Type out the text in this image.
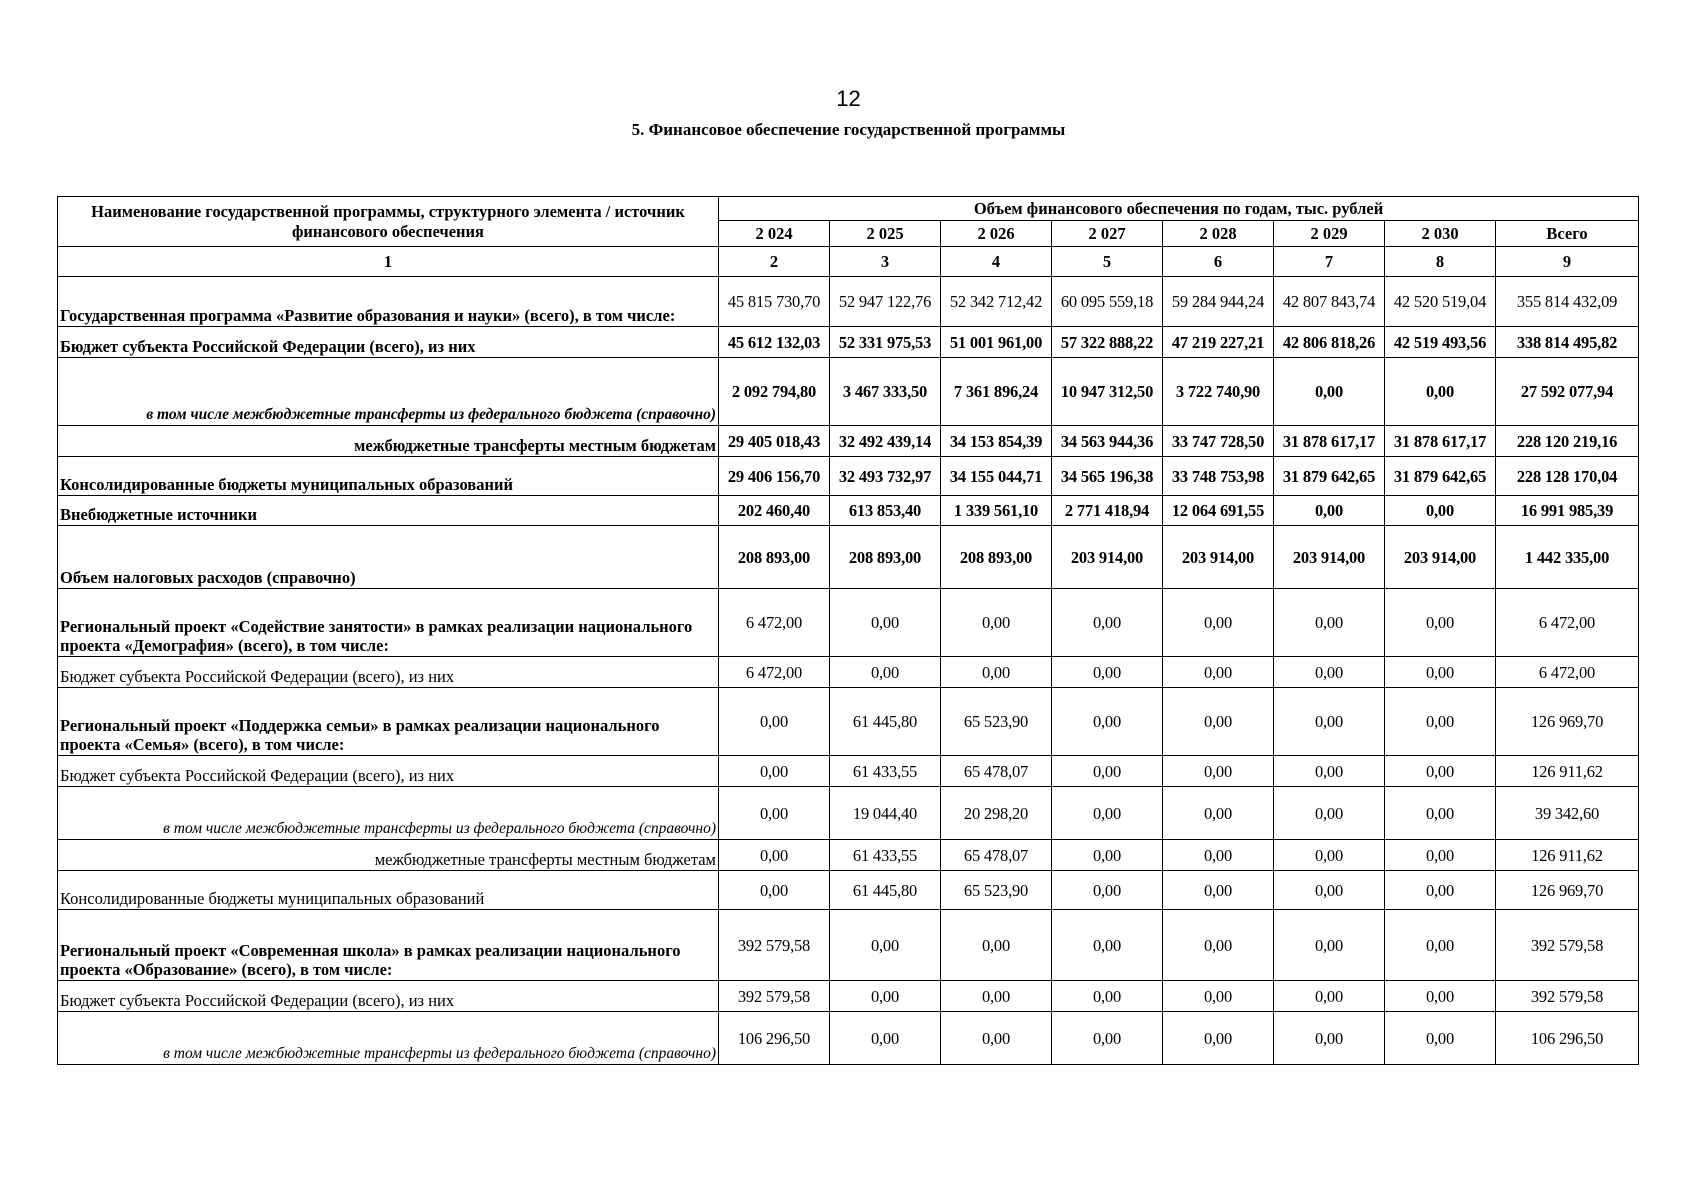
12
5. Финансовое обеспечение государственной программы
Наименование государственной программы, структурного элемента / источник финансового обеспечения	Объем финансового обеспечения по годам, тыс. рублей							
	2 024	2 025	2 026	2 027	2 028	2 029	2 030	Всего
1	2	3	4	5	6	7	8	9
Государственная программа «Развитие образования и науки» (всего), в том числе:	45 815 730,70	52 947 122,76	52 342 712,42	60 095 559,18	59 284 944,24	42 807 843,74	42 520 519,04	355 814 432,09
Бюджет субъекта Российской Федерации (всего), из них	45 612 132,03	52 331 975,53	51 001 961,00	57 322 888,22	47 219 227,21	42 806 818,26	42 519 493,56	338 814 495,82
в том числе межбюджетные трансферты из федерального бюджета (справочно)	2 092 794,80	3 467 333,50	7 361 896,24	10 947 312,50	3 722 740,90	0,00	0,00	27 592 077,94
межбюджетные трансферты местным бюджетам	29 405 018,43	32 492 439,14	34 153 854,39	34 563 944,36	33 747 728,50	31 878 617,17	31 878 617,17	228 120 219,16
Консолидированные бюджеты муниципальных образований	29 406 156,70	32 493 732,97	34 155 044,71	34 565 196,38	33 748 753,98	31 879 642,65	31 879 642,65	228 128 170,04
Внебюджетные источники	202 460,40	613 853,40	1 339 561,10	2 771 418,94	12 064 691,55	0,00	0,00	16 991 985,39
Объем налоговых расходов (справочно)	208 893,00	208 893,00	208 893,00	203 914,00	203 914,00	203 914,00	203 914,00	1 442 335,00
Региональный проект «Содействие занятости» в рамках реализации национального проекта «Демография» (всего), в том числе:	6 472,00	0,00	0,00	0,00	0,00	0,00	0,00	6 472,00
Бюджет субъекта Российской Федерации (всего), из них	6 472,00	0,00	0,00	0,00	0,00	0,00	0,00	6 472,00
Региональный проект «Поддержка семьи» в рамках реализации национального проекта «Семья» (всего), в том числе:	0,00	61 445,80	65 523,90	0,00	0,00	0,00	0,00	126 969,70
Бюджет субъекта Российской Федерации (всего), из них	0,00	61 433,55	65 478,07	0,00	0,00	0,00	0,00	126 911,62
в том числе межбюджетные трансферты из федерального бюджета (справочно)	0,00	19 044,40	20 298,20	0,00	0,00	0,00	0,00	39 342,60
межбюджетные трансферты местным бюджетам	0,00	61 433,55	65 478,07	0,00	0,00	0,00	0,00	126 911,62
Консолидированные бюджеты муниципальных образований	0,00	61 445,80	65 523,90	0,00	0,00	0,00	0,00	126 969,70
Региональный проект «Современная школа» в рамках реализации национального проекта «Образование» (всего), в том числе:	392 579,58	0,00	0,00	0,00	0,00	0,00	0,00	392 579,58
Бюджет субъекта Российской Федерации (всего), из них	392 579,58	0,00	0,00	0,00	0,00	0,00	0,00	392 579,58
в том числе межбюджетные трансферты из федерального бюджета (справочно)	106 296,50	0,00	0,00	0,00	0,00	0,00	0,00	106 296,50
